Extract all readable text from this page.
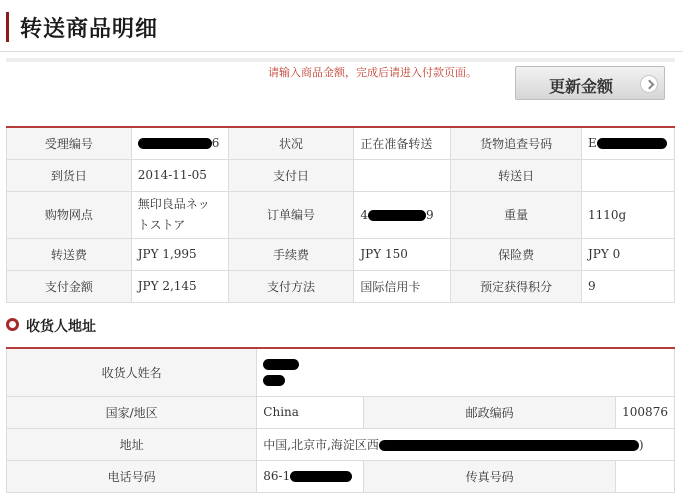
转送商品明细
请输入商品金额，完成后请进入付款页面。
更新金额
受理编号	6	状况	正在准备转送	货物追查号码	E
到货日	2014-11-05	支付日		转送日	
购物网点	無印良品ネットストア	订单编号	4 9	重量	1110g
转送费	JPY 1,995	手续费	JPY 150	保险费	JPY 0
支付金额	JPY 2,145	支付方法	国际信用卡	预定获得积分	9
收货人地址
收货人姓名			

国家/地区	China	邮政编码	100876
地址	中国,北京市,海淀区西 )		
电话号码	86-1	传真号码	
